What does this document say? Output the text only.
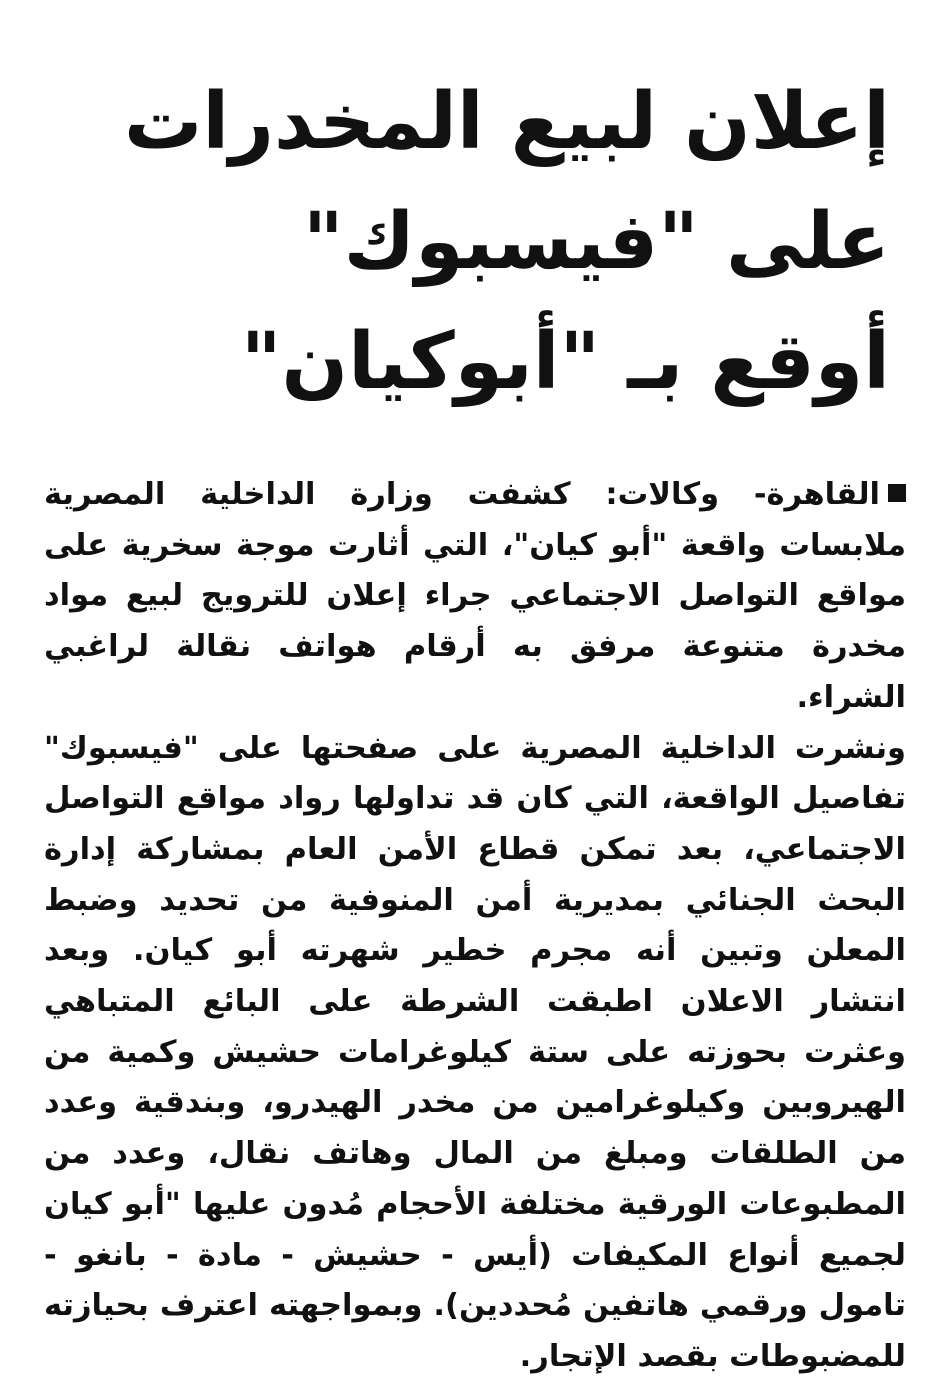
إعلان لبيع المخدرات
على "فيسبوك"
أوقع بـ "أبوكيان"

القاهرة- وكالات: كشفت وزارة الداخلية المصرية ملابسات واقعة "أبو كيان"، التي أثارت موجة سخرية على مواقع التواصل الاجتماعي جراء إعلان للترويج لبيع مواد مخدرة متنوعة مرفق به أرقام هواتف نقالة لراغبي الشراء.

ونشرت الداخلية المصرية على صفحتها على "فيسبوك" تفاصيل الواقعة، التي كان قد تداولها رواد مواقع التواصل الاجتماعي، بعد تمكن قطاع الأمن العام بمشاركة إدارة البحث الجنائي بمديرية أمن المنوفية من تحديد وضبط المعلن وتبين أنه مجرم خطير شهرته أبو كيان. وبعد انتشار الاعلان اطبقت الشرطة على البائع المتباهي وعثرت بحوزته على ستة كيلوغرامات حشيش وكمية من الهيروبين وكيلوغرامين من مخدر الهيدرو، وبندقية وعدد من الطلقات ومبلغ من المال وهاتف نقال، وعدد من المطبوعات الورقية مختلفة الأحجام مُدون عليها "أبو كيان لجميع أنواع المكيفات (أيس - حشيش - مادة - بانغو - تامول ورقمي هاتفين مُحددين). وبمواجهته اعترف بحيازته للمضبوطات بقصد الإتجار.
